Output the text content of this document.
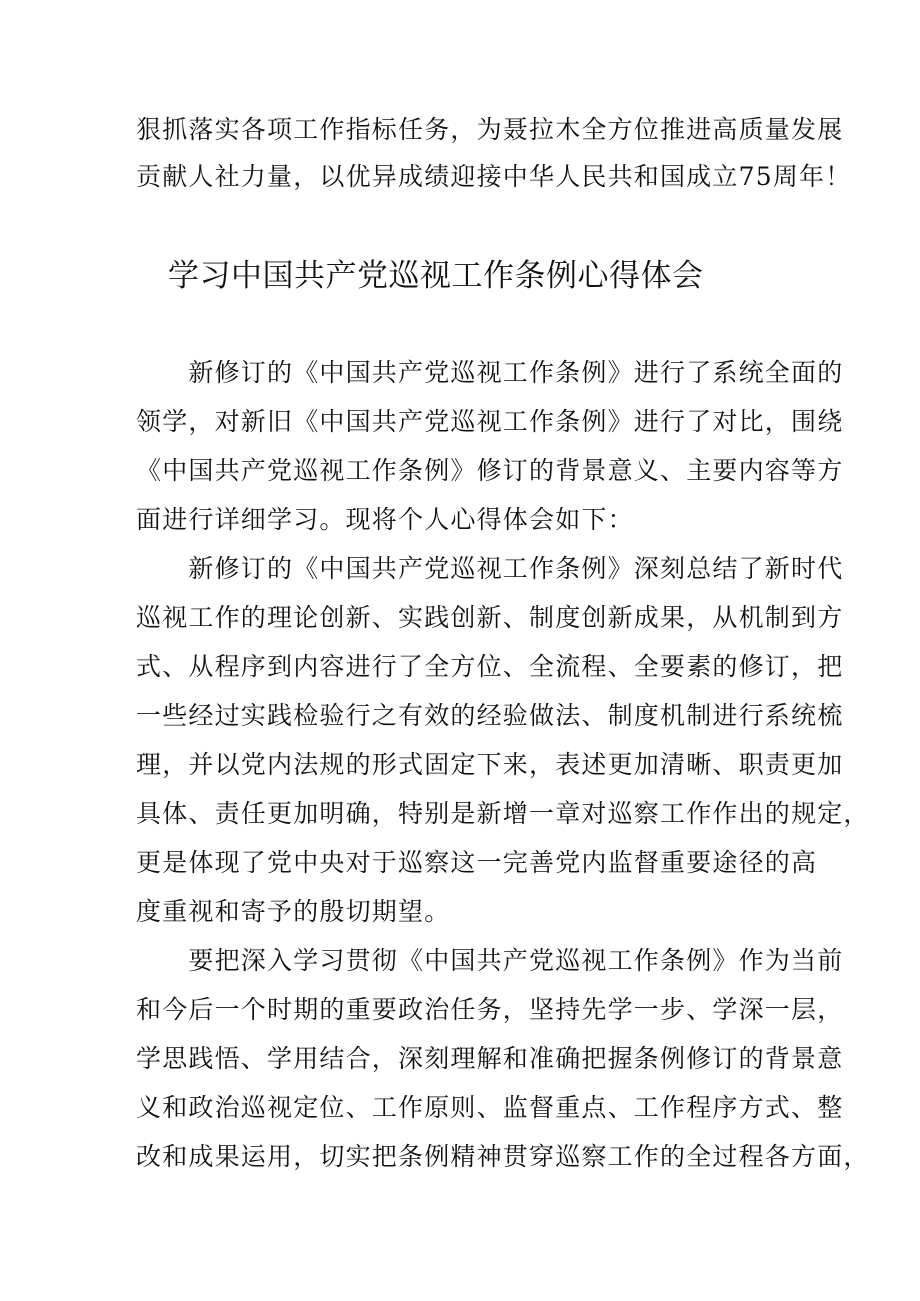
狠抓落实各项工作指标任务，为聂拉木全方位推进高质量发展
贡献人社力量，以优异成绩迎接中华人民共和国成立75周年！
学习中国共产党巡视工作条例心得体会
　　新修订的《中国共产党巡视工作条例》进行了系统全面的
领学，对新旧《中国共产党巡视工作条例》进行了对比，围绕
《中国共产党巡视工作条例》修订的背景意义、主要内容等方
面进行详细学习。现将个人心得体会如下：
　　新修订的《中国共产党巡视工作条例》深刻总结了新时代
巡视工作的理论创新、实践创新、制度创新成果，从机制到方
式、从程序到内容进行了全方位、全流程、全要素的修订，把
一些经过实践检验行之有效的经验做法、制度机制进行系统梳
理，并以党内法规的形式固定下来，表述更加清晰、职责更加
具体、责任更加明确，特别是新增一章对巡察工作作出的规定，
更是体现了党中央对于巡察这一完善党内监督重要途径的高
度重视和寄予的殷切期望。
　　要把深入学习贯彻《中国共产党巡视工作条例》作为当前
和今后一个时期的重要政治任务，坚持先学一步、学深一层，
学思践悟、学用结合，深刻理解和准确把握条例修订的背景意
义和政治巡视定位、工作原则、监督重点、工作程序方式、整
改和成果运用，切实把条例精神贯穿巡察工作的全过程各方面，
